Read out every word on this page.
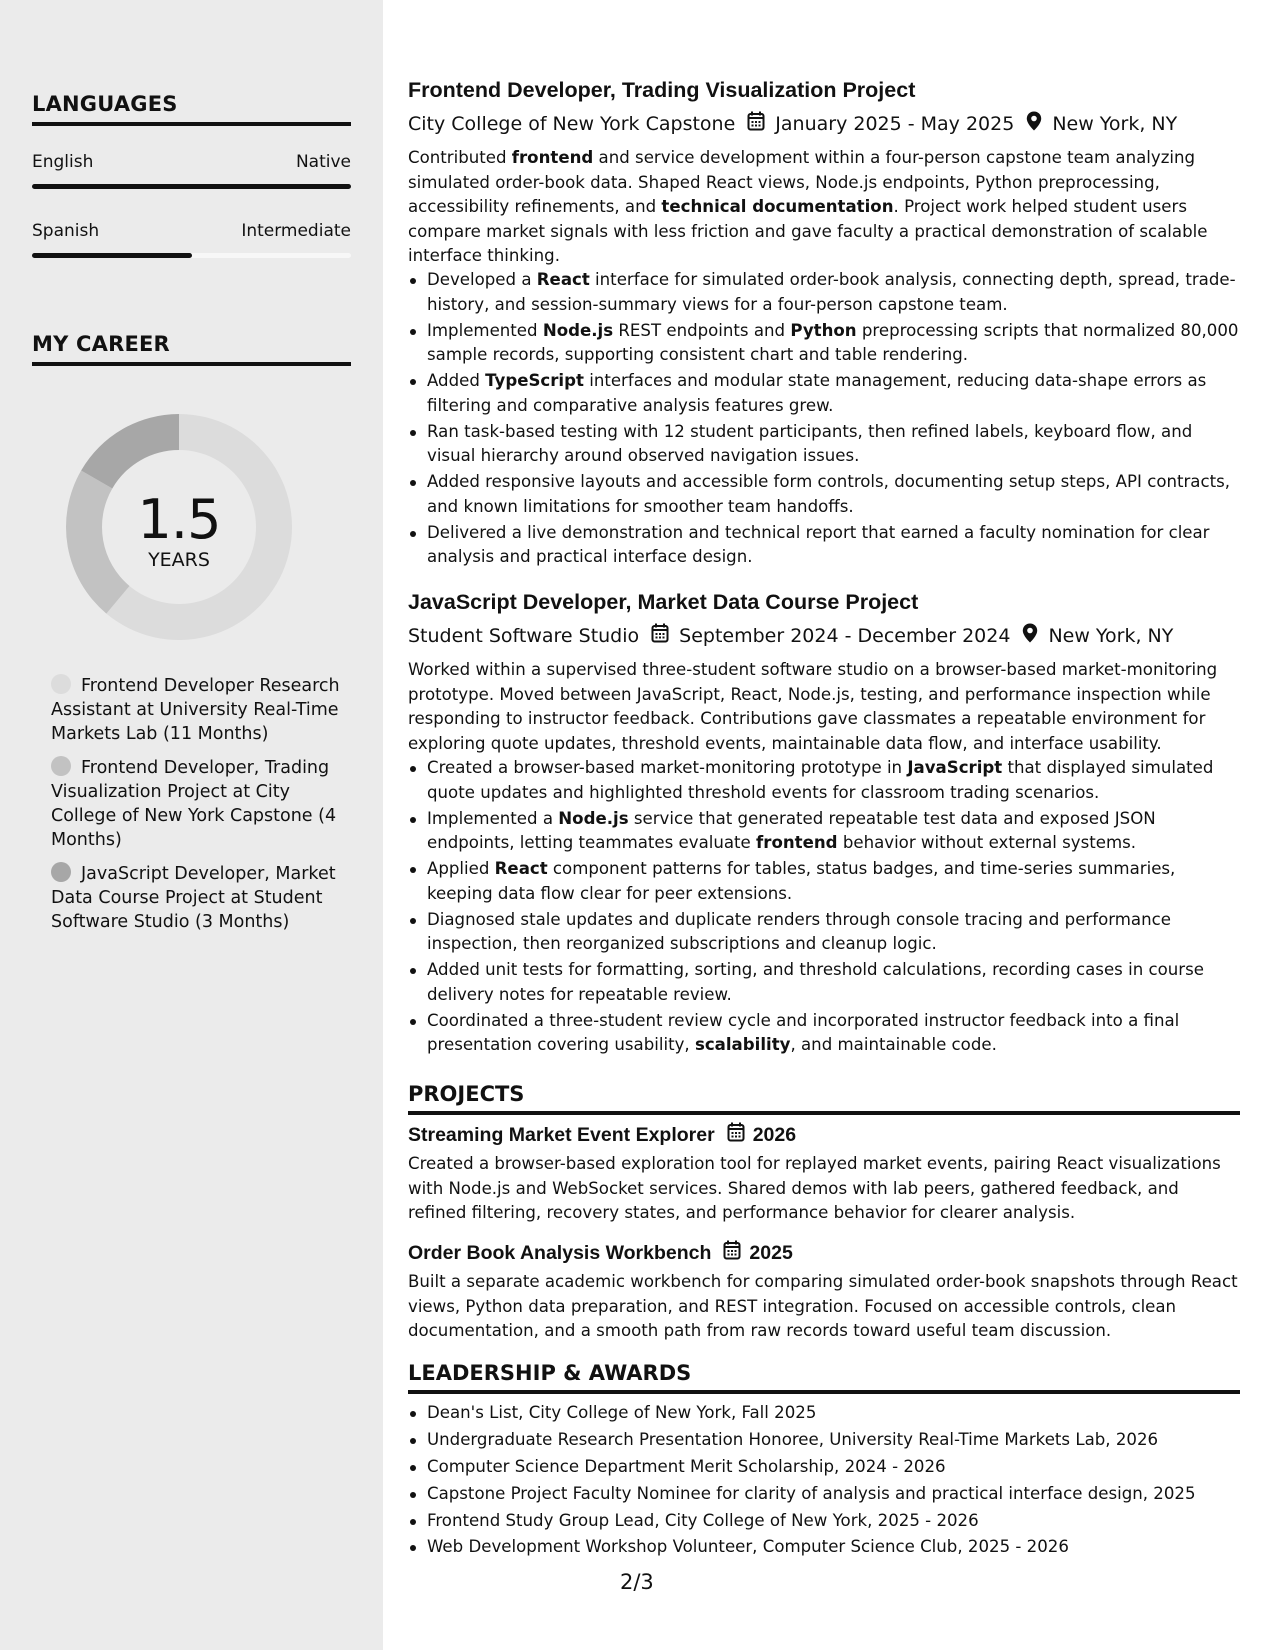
LANGUAGES
English	Native
Spanish	Intermediate
MY CAREER
1.5
YEARS
Frontend Developer Research Assistant at University Real-Time Markets Lab (11 Months)
Frontend Developer, Trading Visualization Project at City College of New York Capstone (4 Months)
JavaScript Developer, Market Data Course Project at Student Software Studio (3 Months)
Frontend Developer, Trading Visualization Project
City College of New York Capstone January 2025 - May 2025 New York, NY
Contributed frontend and service development within a four-person capstone team analyzing simulated order-book data. Shaped React views, Node.js endpoints, Python preprocessing, accessibility refinements, and technical documentation. Project work helped student users compare market signals with less friction and gave faculty a practical demonstration of scalable interface thinking.
Developed a React interface for simulated order-book analysis, connecting depth, spread, trade-history, and session-summary views for a four-person capstone team.
Implemented Node.js REST endpoints and Python preprocessing scripts that normalized 80,000 sample records, supporting consistent chart and table rendering.
Added TypeScript interfaces and modular state management, reducing data-shape errors as filtering and comparative analysis features grew.
Ran task-based testing with 12 student participants, then refined labels, keyboard flow, and visual hierarchy around observed navigation issues.
Added responsive layouts and accessible form controls, documenting setup steps, API contracts, and known limitations for smoother team handoffs.
Delivered a live demonstration and technical report that earned a faculty nomination for clear analysis and practical interface design.
JavaScript Developer, Market Data Course Project
Student Software Studio September 2024 - December 2024 New York, NY
Worked within a supervised three-student software studio on a browser-based market-monitoring prototype. Moved between JavaScript, React, Node.js, testing, and performance inspection while responding to instructor feedback. Contributions gave classmates a repeatable environment for exploring quote updates, threshold events, maintainable data flow, and interface usability.
Created a browser-based market-monitoring prototype in JavaScript that displayed simulated quote updates and highlighted threshold events for classroom trading scenarios.
Implemented a Node.js service that generated repeatable test data and exposed JSON endpoints, letting teammates evaluate frontend behavior without external systems.
Applied React component patterns for tables, status badges, and time-series summaries, keeping data flow clear for peer extensions.
Diagnosed stale updates and duplicate renders through console tracing and performance inspection, then reorganized subscriptions and cleanup logic.
Added unit tests for formatting, sorting, and threshold calculations, recording cases in course delivery notes for repeatable review.
Coordinated a three-student review cycle and incorporated instructor feedback into a final presentation covering usability, scalability, and maintainable code.
PROJECTS
Streaming Market Event Explorer 2026
Created a browser-based exploration tool for replayed market events, pairing React visualizations with Node.js and WebSocket services. Shared demos with lab peers, gathered feedback, and refined filtering, recovery states, and performance behavior for clearer analysis.
Order Book Analysis Workbench 2025
Built a separate academic workbench for comparing simulated order-book snapshots through React views, Python data preparation, and REST integration. Focused on accessible controls, clean documentation, and a smooth path from raw records toward useful team discussion.
LEADERSHIP & AWARDS
Dean's List, City College of New York, Fall 2025
Undergraduate Research Presentation Honoree, University Real-Time Markets Lab, 2026
Computer Science Department Merit Scholarship, 2024 - 2026
Capstone Project Faculty Nominee for clarity of analysis and practical interface design, 2025
Frontend Study Group Lead, City College of New York, 2025 - 2026
Web Development Workshop Volunteer, Computer Science Club, 2025 - 2026
2/3
